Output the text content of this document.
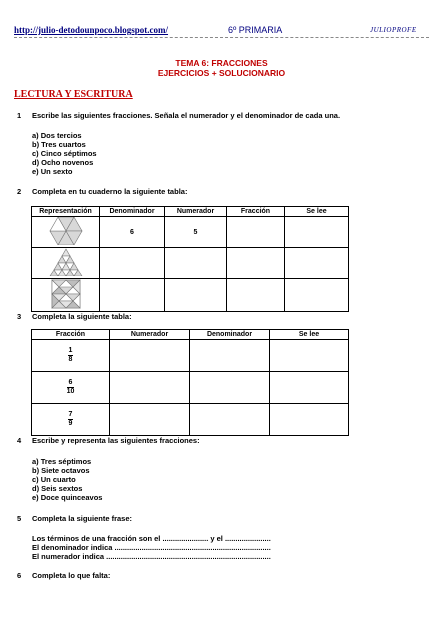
http://julio-detodounpoco.blogspot.com/	6º PRIMARIA	JULIOPROFE
TEMA 6: FRACCIONES
EJERCICIOS + SOLUCIONARIO
LECTURA Y ESCRITURA
1 Escribe las siguientes fracciones. Señala el numerador y el denominador de cada una.
a) Dos tercios
b) Tres cuartos
c) Cinco séptimos
d) Ocho novenos
e) Un sexto
2 Completa en tu cuaderno la siguiente tabla:
Representación	Denominador	Numerador	Fracción	Se lee
	6	5		

3 Completa la siguiente tabla:
Fracción	Numerador	Denominador	Se lee

$\frac{1}{8}$

$\frac{6}{10}$

$\frac{7}{9}$

4 Escribe y representa las siguientes fracciones:
a) Tres séptimos
b) Siete octavos
c) Un cuarto
d) Seis sextos
e) Doce quinceavos
5 Completa la siguiente frase:
Los términos de una fracción son el ...................... y el ......................
El denominador indica ...........................................................................
El numerador indica ...............................................................................
6 Completa lo que falta:
